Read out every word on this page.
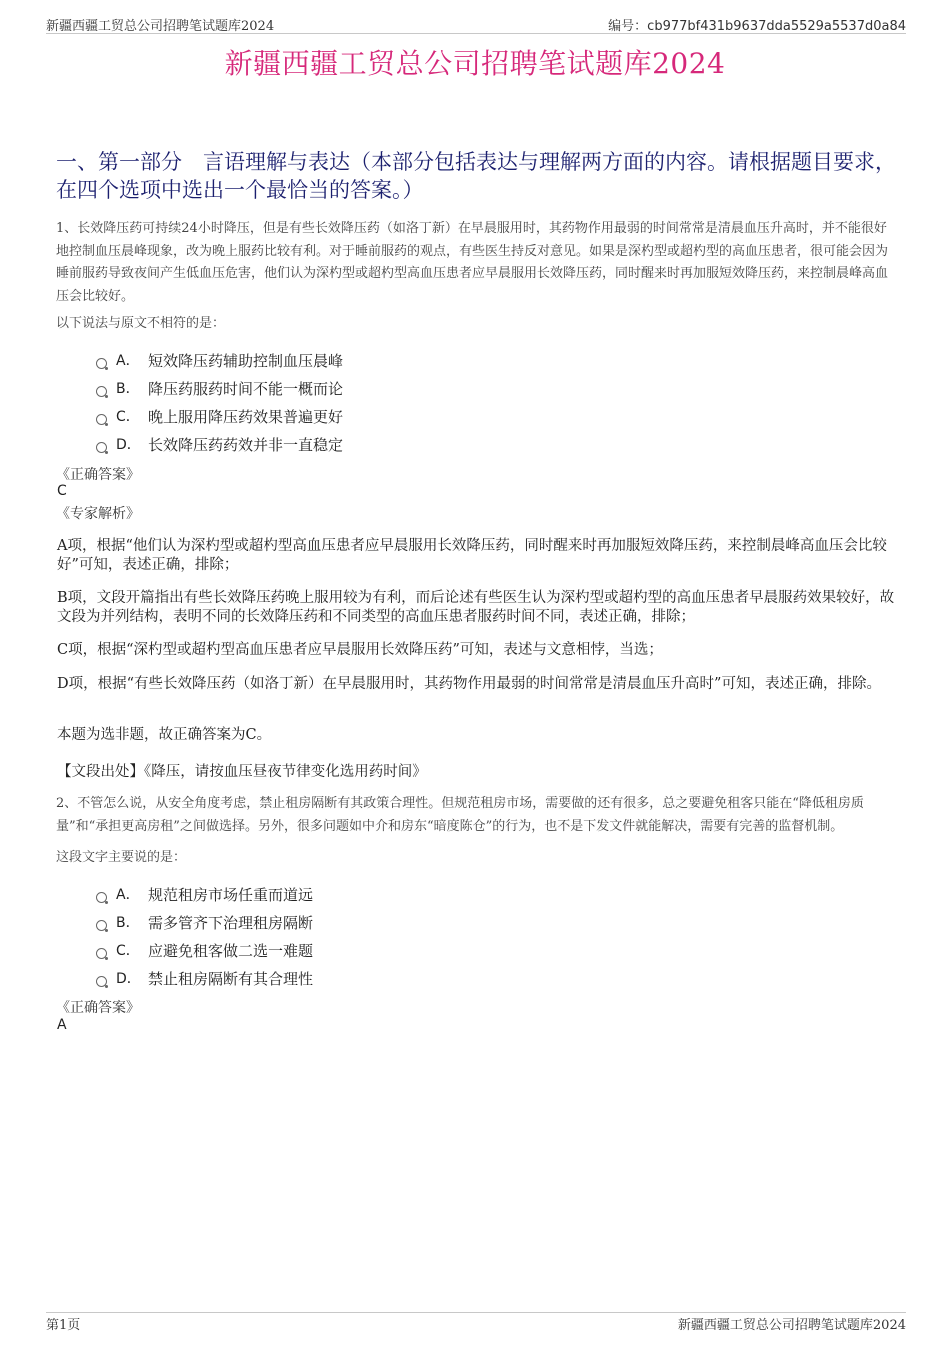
新疆西疆工贸总公司招聘笔试题库2024	编号：cb977bf431b9637dda5529a5537d0a84
新疆西疆工贸总公司招聘笔试题库2024
一、第一部分　言语理解与表达（本部分包括表达与理解两方面的内容。请根据题目要求，在四个选项中选出一个最恰当的答案。）
1、长效降压药可持续24小时降压，但是有些长效降压药（如洛丁新）在早晨服用时，其药物作用最弱的时间常常是清晨血压升高时，并不能很好地控制血压晨峰现象，改为晚上服药比较有利。对于睡前服药的观点，有些医生持反对意见。如果是深杓型或超杓型的高血压患者，很可能会因为睡前服药导致夜间产生低血压危害，他们认为深杓型或超杓型高血压患者应早晨服用长效降压药，同时醒来时再加服短效降压药，来控制晨峰高血压会比较好。
以下说法与原文不相符的是：
A． 短效降压药辅助控制血压晨峰
B． 降压药服药时间不能一概而论
C． 晚上服用降压药效果普遍更好
D． 长效降压药药效并非一直稳定
《正确答案》
C
《专家解析》
A项，根据“他们认为深杓型或超杓型高血压患者应早晨服用长效降压药，同时醒来时再加服短效降压药，来控制晨峰高血压会比较好”可知，表述正确，排除；
B项，文段开篇指出有些长效降压药晚上服用较为有利，而后论述有些医生认为深杓型或超杓型的高血压患者早晨服药效果较好，故文段为并列结构，表明不同的长效降压药和不同类型的高血压患者服药时间不同，表述正确，排除；
C项，根据“深杓型或超杓型高血压患者应早晨服用长效降压药”可知，表述与文意相悖，当选；
D项，根据“有些长效降压药（如洛丁新）在早晨服用时，其药物作用最弱的时间常常是清晨血压升高时”可知，表述正确，排除。
本题为选非题，故正确答案为C。
【文段出处】《降压，请按血压昼夜节律变化选用药时间》
2、不管怎么说，从安全角度考虑，禁止租房隔断有其政策合理性。但规范租房市场，需要做的还有很多，总之要避免租客只能在“降低租房质量”和“承担更高房租”之间做选择。另外，很多问题如中介和房东“暗度陈仓”的行为，也不是下发文件就能解决，需要有完善的监督机制。
这段文字主要说的是：
A． 规范租房市场任重而道远
B． 需多管齐下治理租房隔断
C． 应避免租客做二选一难题
D． 禁止租房隔断有其合理性
《正确答案》
A
第1页	新疆西疆工贸总公司招聘笔试题库2024
